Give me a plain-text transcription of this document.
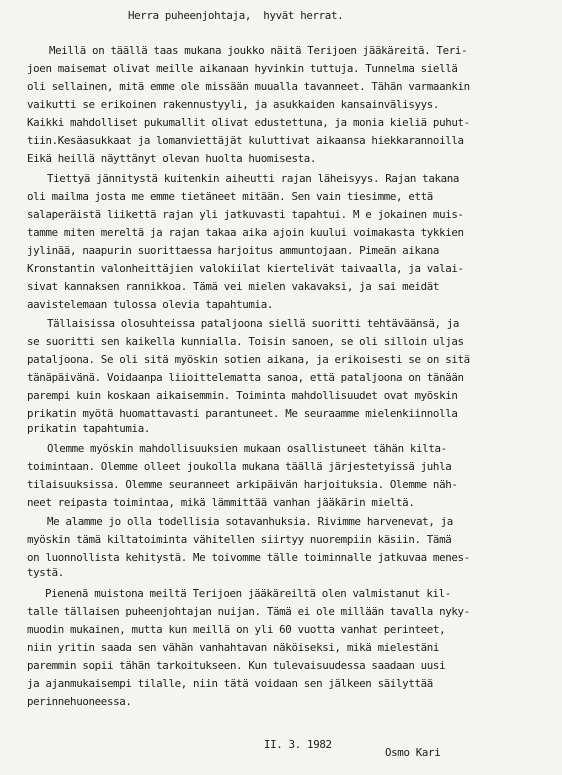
Herra puheenjohtaja,  hyvät herrat.
Meillä on täällä taas mukana joukko näitä Terijoen jääkäreitä. Teri-
joen maisemat olivat meille aikanaan hyvinkin tuttuja. Tunnelma siellä
oli sellainen, mitä emme ole missään muualla tavanneet. Tähän varmaankin
vaikutti se erikoinen rakennustyyli, ja asukkaiden kansainvälisyys.
Kaikki mahdolliset pukumallit olivat edustettuna, ja monia kieliä puhut-
tiin.Kesäasukkaat ja lomanviettäjät kuluttivat aikaansa hiekkarannoilla
Eikä heillä näyttänyt olevan huolta huomisesta.
Tiettyä jännitystä kuitenkin aiheutti rajan läheisyys. Rajan takana
oli mailma josta me emme tietäneet mitään. Sen vain tiesimme, että
salaperäistä liikettä rajan yli jatkuvasti tapahtui. M e jokainen muis-
tamme miten mereltä ja rajan takaa aika ajoin kuului voimakasta tykkien
jylinää, naapurin suorittaessa harjoitus ammuntojaan. Pimeän aikana
Kronstantin valonheittäjien valokiilat kiertelivät taivaalla, ja valai-
sivat kannaksen rannikkoa. Tämä vei mielen vakavaksi, ja sai meidät
aavistelemaan tulossa olevia tapahtumia.
Tällaisissa olosuhteissa pataljoona siellä suoritti tehtäväänsä, ja
se suoritti sen kaikella kunnialla. Toisin sanoen, se oli silloin uljas
pataljoona. Se oli sitä myöskin sotien aikana, ja erikoisesti se on sitä
tänäpäivänä. Voidaanpa liioittelematta sanoa, että pataljoona on tänään
parempi kuin koskaan aikaisemmin. Toiminta mahdollisuudet ovat myöskin
prikatin myötä huomattavasti parantuneet. Me seuraamme mielenkiinnolla
prikatin tapahtumia.
Olemme myöskin mahdollisuuksien mukaan osallistuneet tähän kilta-
toimintaan. Olemme olleet joukolla mukana täällä järjestetyissä juhla
tilaisuuksissa. Olemme seuranneet arkipäivän harjoituksia. Olemme näh-
neet reipasta toimintaa, mikä lämmittää vanhan jääkärin mieltä.
Me alamme jo olla todellisia sotavanhuksia. Rivimme harvenevat, ja
myöskin tämä kiltatoiminta vähitellen siirtyy nuorempiin käsiin. Tämä
on luonnollista kehitystä. Me toivomme tälle toiminnalle jatkuvaa menes-
tystä.
Pienenä muistona meiltä Terijoen jääkäreiltä olen valmistanut kil-
talle tällaisen puheenjohtajan nuijan. Tämä ei ole millään tavalla nyky-
muodin mukainen, mutta kun meillä on yli 60 vuotta vanhat perinteet,
niin yritin saada sen vähän vanhahtavan näköiseksi, mikä mielestäni
paremmin sopii tähän tarkoitukseen. Kun tulevaisuudessa saadaan uusi
ja ajanmukaisempi tilalle, niin tätä voidaan sen jälkeen säilyttää
perinnehuoneessa.
II. 3. 1982
Osmo Kari
